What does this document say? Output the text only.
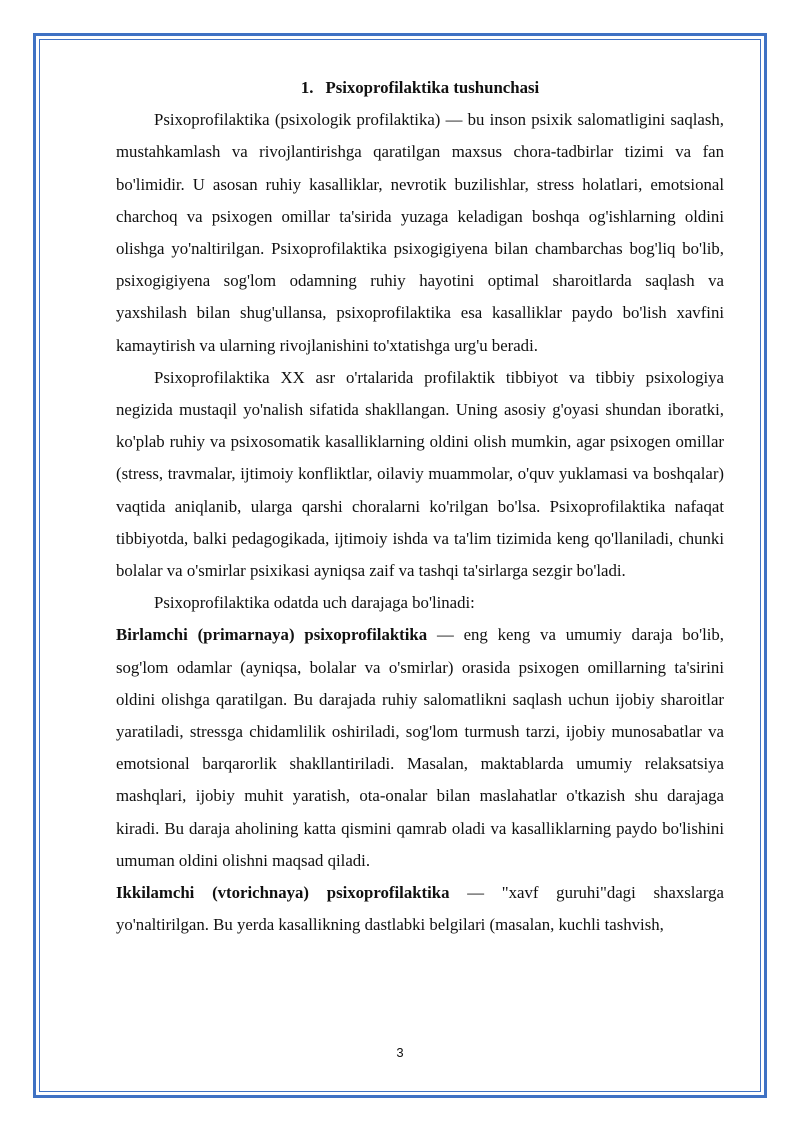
1. Psixoprofilaktika tushunchasi

Psixoprofilaktika (psixologik profilaktika) — bu inson psixik salomatligini saqlash, mustahkamlash va rivojlantirishga qaratilgan maxsus chora-tadbirlar tizimi va fan bo'limidir. U asosan ruhiy kasalliklar, nevrotik buzilishlar, stress holatlari, emotsional charchoq va psixogen omillar ta'sirida yuzaga keladigan boshqa og'ishlarning oldini olishga yo'naltirilgan. Psixoprofilaktika psixogigiyena bilan chambarchas bog'liq bo'lib, psixogigiyena sog'lom odamning ruhiy hayotini optimal sharoitlarda saqlash va yaxshilash bilan shug'ullansa, psixoprofilaktika esa kasalliklar paydo bo'lish xavfini kamaytirish va ularning rivojlanishini to'xtatishga urg'u beradi.

Psixoprofilaktika XX asr o'rtalarida profilaktik tibbiyot va tibbiy psixologiya negizida mustaqil yo'nalish sifatida shakllangan. Uning asosiy g'oyasi shundan iboratki, ko'plab ruhiy va psixosomatik kasalliklarning oldini olish mumkin, agar psixogen omillar (stress, travmalar, ijtimoiy konfliktlar, oilaviy muammolar, o'quv yuklamasi va boshqalar) vaqtida aniqlanib, ularga qarshi choralarni ko'rilgan bo'lsa. Psixoprofilaktika nafaqat tibbiyotda, balki pedagogikada, ijtimoiy ishda va ta'lim tizimida keng qo'llaniladi, chunki bolalar va o'smirlar psixikasi ayniqsa zaif va tashqi ta'sirlarga sezgir bo'ladi.

Psixoprofilaktika odatda uch darajaga bo'linadi:

Birlamchi (primarnaya) psixoprofilaktika — eng keng va umumiy daraja bo'lib, sog'lom odamlar (ayniqsa, bolalar va o'smirlar) orasida psixogen omillarning ta'sirini oldini olishga qaratilgan. Bu darajada ruhiy salomatlikni saqlash uchun ijobiy sharoitlar yaratiladi, stressga chidamlilik oshiriladi, sog'lom turmush tarzi, ijobiy munosabatlar va emotsional barqarorlik shakllantiriladi. Masalan, maktablarda umumiy relaksatsiya mashqlari, ijobiy muhit yaratish, ota-onalar bilan maslahatlar o'tkazish shu darajaga kiradi. Bu daraja aholining katta qismini qamrab oladi va kasalliklarning paydo bo'lishini umuman oldini olishni maqsad qiladi.

Ikkilamchi (vtorichnaya) psixoprofilaktika — "xavf guruhi"dagi shaxslarga yo'naltirilgan. Bu yerda kasallikning dastlabki belgilari (masalan, kuchli tashvish,

3
